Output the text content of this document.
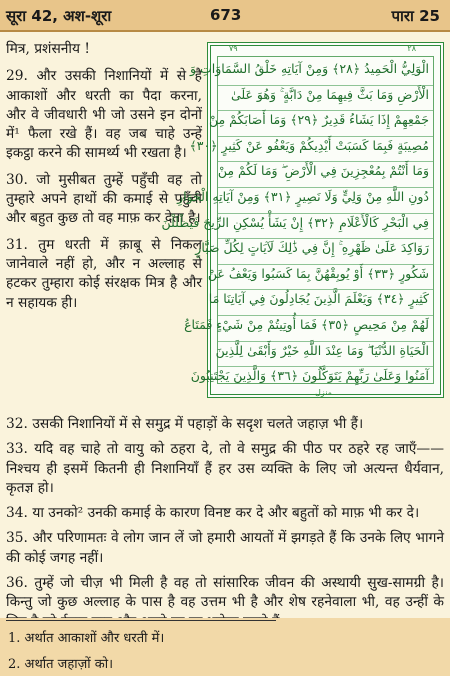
सूरा 42, अश-शूरा	673	पारा 25

मित्र, प्रशंसनीय !

29. और उसकी निशानियों में से है आकाशों और धरती का पैदा करना, और वे जीवधारी भी जो उसने इन दोनों में¹ फैला रखे हैं। वह जब चाहे उन्हें इकट्ठा करने की सामर्थ्य भी रखता है।

30. जो मुसीबत तुम्हें पहुँची वह तो तुम्हारे अपने हाथों की कमाई से पहुँची और बहुत कुछ तो वह माफ़ कर देता है।

31. तुम धरती में क़ाबू से निकल जानेवाले नहीं हो, और न अल्लाह से हटकर तुम्हारा कोई संरक्षक मित्र है और न सहायक ही।

٧٩	٢٨
الْوَلِيُّ الْحَمِيدُ ﴿٢٨﴾ وَمِنْ آيَاتِهِ خَلْقُ السَّمَاوَاتِ وَ
الْأَرْضِ وَمَا بَثَّ فِيهِمَا مِنْ دَابَّةٍ ۚ وَهُوَ عَلَىٰ
جَمْعِهِمْ إِذَا يَشَاءُ قَدِيرٌ ﴿٢٩﴾ وَمَا أَصَابَكُمْ مِنْ
مُصِيبَةٍ فَبِمَا كَسَبَتْ أَيْدِيكُمْ وَيَعْفُو عَنْ كَثِيرٍ ﴿٣٠﴾
وَمَا أَنْتُمْ بِمُعْجِزِينَ فِي الْأَرْضِ ۖ وَمَا لَكُمْ مِنْ
دُونِ اللَّهِ مِنْ وَلِيٍّ وَلَا نَصِيرٍ ﴿٣١﴾ وَمِنْ آيَاتِهِ الْجَوَارِ
فِي الْبَحْرِ كَالْأَعْلَامِ ﴿٣٢﴾ إِنْ يَشَأْ يُسْكِنِ الرِّيحَ فَيَظْلَلْنَ
رَوَاكِدَ عَلَىٰ ظَهْرِهِ ۚ إِنَّ فِي ذَٰلِكَ لَآيَاتٍ لِكُلِّ صَبَّارٍ
شَكُورٍ ﴿٣٣﴾ أَوْ يُوبِقْهُنَّ بِمَا كَسَبُوا وَيَعْفُ عَنْ
كَثِيرٍ ﴿٣٤﴾ وَيَعْلَمَ الَّذِينَ يُجَادِلُونَ فِي آيَاتِنَا مَا
لَهُمْ مِنْ مَحِيصٍ ﴿٣٥﴾ فَمَا أُوتِيتُمْ مِنْ شَيْءٍ فَمَتَاعُ
الْحَيَاةِ الدُّنْيَا ۖ وَمَا عِنْدَ اللَّهِ خَيْرٌ وَأَبْقَىٰ لِلَّذِينَ
آمَنُوا وَعَلَىٰ رَبِّهِمْ يَتَوَكَّلُونَ ﴿٣٦﴾ وَالَّذِينَ يَجْتَنِبُونَ
منزل

32. उसकी निशानियों में से समुद्र में पहाड़ों के सदृश चलते जहाज़ भी हैं।

33. यदि वह चाहे तो वायु को ठहरा दे, तो वे समुद्र की पीठ पर ठहरे रह जाएँ——निश्चय ही इसमें कितनी ही निशानियाँ हैं हर उस व्यक्ति के लिए जो अत्यन्त धैर्यवान, कृतज्ञ हो।

34. या उनको² उनकी कमाई के कारण विनष्ट कर दे और बहुतों को माफ़ भी कर दे।

35. और परिणामतः वे लोग जान लें जो हमारी आयतों में झगड़ते हैं कि उनके लिए भागने की कोई जगह नहीं।

36. तुम्हें जो चीज़ भी मिली है वह तो सांसारिक जीवन की अस्थायी सुख-सामग्री है। किन्तु जो कुछ अल्लाह के पास है वह उत्तम भी है और शेष रहनेवाला भी, वह उन्हीं के

1. अर्थात आकाशों और धरती में।
2. अर्थात जहाज़ों को।
